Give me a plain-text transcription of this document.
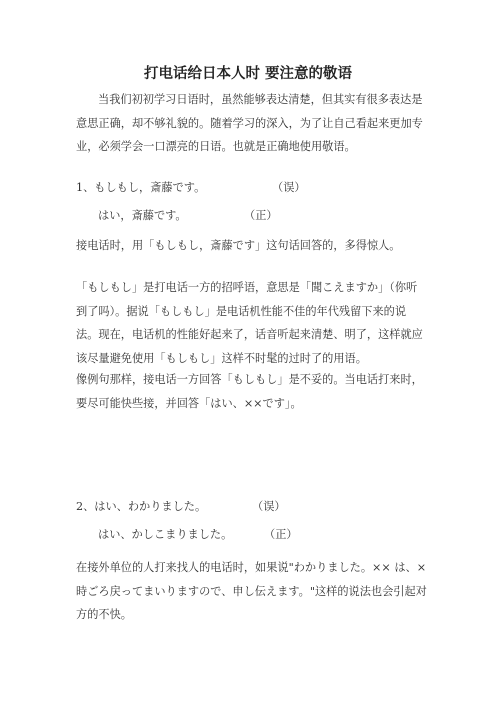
打电话给日本人时 要注意的敬语

当我们初初学习日语时，虽然能够表达清楚，但其实有很多表达是意思正确，却不够礼貌的。随着学习的深入，为了让自己看起来更加专业，必须学会一口漂亮的日语。也就是正确地使用敬语。

1、もしもし，斎藤です。	（误）
はい，斎藤です。	（正）

接电话时，用「もしもし，斎藤です」这句话回答的，多得惊人。

「もしもし」是打电话一方的招呼语，意思是「聞こえますか」（你听到了吗）。据说「もしもし」是电话机性能不佳的年代残留下来的说法。现在，电话机的性能好起来了，话音听起来清楚、明了，这样就应该尽量避免使用「もしもし」这样不时髦的过时了的用语。

像例句那样，接电话一方回答「もしもし」是不妥的。当电话打来时，要尽可能快些接，并回答「はい、××です」。

2、はい、わかりました。	（误）
はい、かしこまりました。	（正）

在接外单位的人打来找人的电话时，如果说"わかりました。×× は、×時ごろ戻ってまいりますので、申し伝えます。"这样的说法也会引起对方的不快。
